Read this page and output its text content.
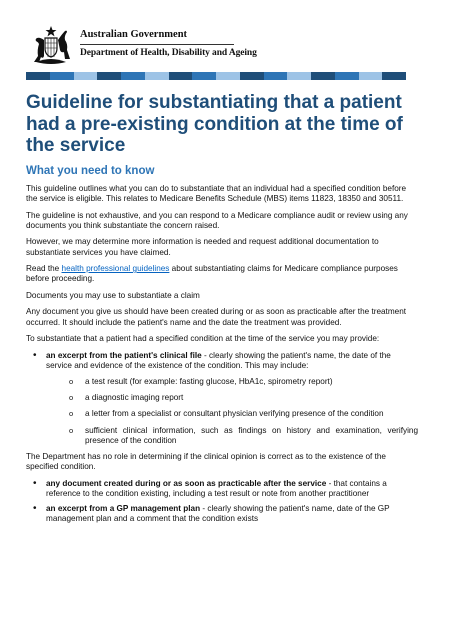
Australian Government
Department of Health, Disability and Ageing
Guideline for substantiating that a patient had a pre-existing condition at the time of the service
What you need to know

This guideline outlines what you can do to substantiate that an individual had a specified condition before the service is eligible. This relates to Medicare Benefits Schedule (MBS) items 11823, 18350 and 30511.

The guideline is not exhaustive, and you can respond to a Medicare compliance audit or review using any documents you think substantiate the concern raised.

However, we may determine more information is needed and request additional documentation to substantiate services you have claimed.

Read the health professional guidelines about substantiating claims for Medicare compliance purposes before proceeding.

Documents you may use to substantiate a claim

Any document you give us should have been created during or as soon as practicable after the treatment occurred. It should include the patient's name and the date the treatment was provided.

To substantiate that a patient had a specified condition at the time of the service you may provide:

• an excerpt from the patient's clinical file - clearly showing the patient's name, the date of the service and evidence of the existence of the condition. This may include:
o a test result (for example: fasting glucose, HbA1c, spirometry report)
o a diagnostic imaging report
o a letter from a specialist or consultant physician verifying presence of the condition
o sufficient clinical information, such as findings on history and examination, verifying presence of the condition

The Department has no role in determining if the clinical opinion is correct as to the existence of the specified condition.

• any document created during or as soon as practicable after the service - that contains a reference to the condition existing, including a test result or note from another practitioner
• an excerpt from a GP management plan - clearly showing the patient's name, date of the GP management plan and a comment that the condition exists
